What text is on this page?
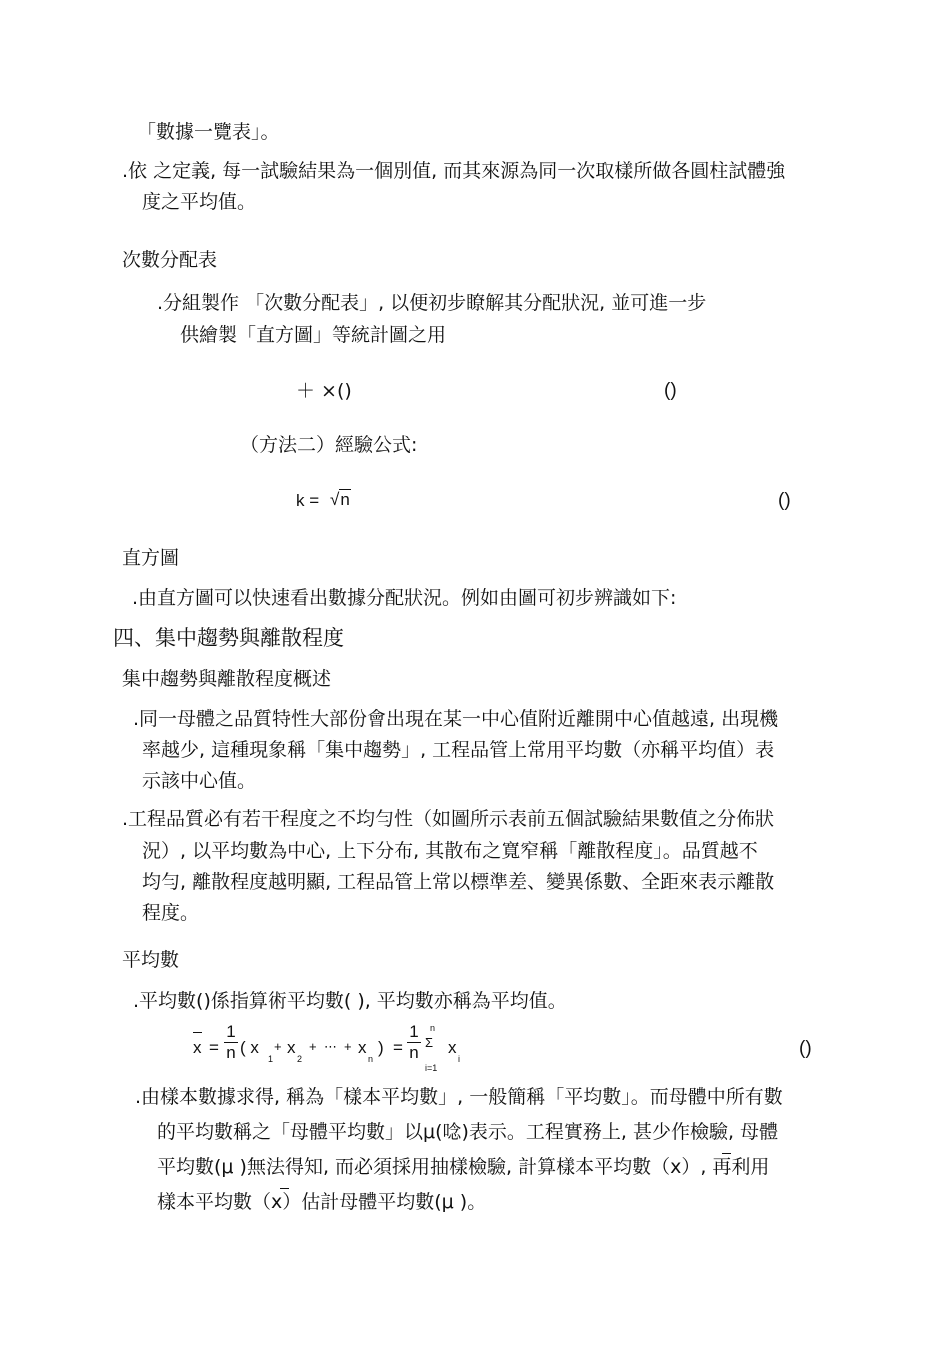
「數據一覽表」。
.依 之定義, 每一試驗結果為一個別值, 而其來源為同一次取樣所做各圓柱試體強
度之平均值。
次數分配表
.分組製作 「次數分配表」, 以便初步瞭解其分配狀況, 並可進一步
供繪製「直方圖」等統計圖之用
＋ ×()	()
（方法二）經驗公式:
k = √n	()
直方圖
.由直方圖可以快速看出數據分配狀況。例如由圖可初步辨識如下:
四、集中趨勢與離散程度
集中趨勢與離散程度概述
.同一母體之品質特性大部份會出現在某一中心值附近離開中心值越遠, 出現機
率越少, 這種現象稱「集中趨勢」, 工程品管上常用平均數（亦稱平均值）表
示該中心值。
.工程品質必有若干程度之不均勻性（如圖所示表前五個試驗結果數值之分佈狀
況）, 以平均數為中心, 上下分布, 其散布之寬窄稱「離散程度」。品質越不
均勻, 離散程度越明顯, 工程品管上常以標準差、變異係數、全距來表示離散
程度。
平均數
.平均數()係指算術平均數( ), 平均數亦稱為平均值。
x =
1
n ( x
1
+ x
2
+ ⋯ + x
n
) =
1
n
n
Σ
i=1
x
i	()
.由樣本數據求得, 稱為「樣本平均數」, 一般簡稱「平均數」。而母體中所有數
的平均數稱之「母體平均數」以μ(唸)表示。工程實務上, 甚少作檢驗, 母體
平均數(μ )無法得知, 而必須採用抽樣檢驗, 計算樣本平均數（x）, 再利用
樣本平均數（x）估計母體平均數(μ )。
